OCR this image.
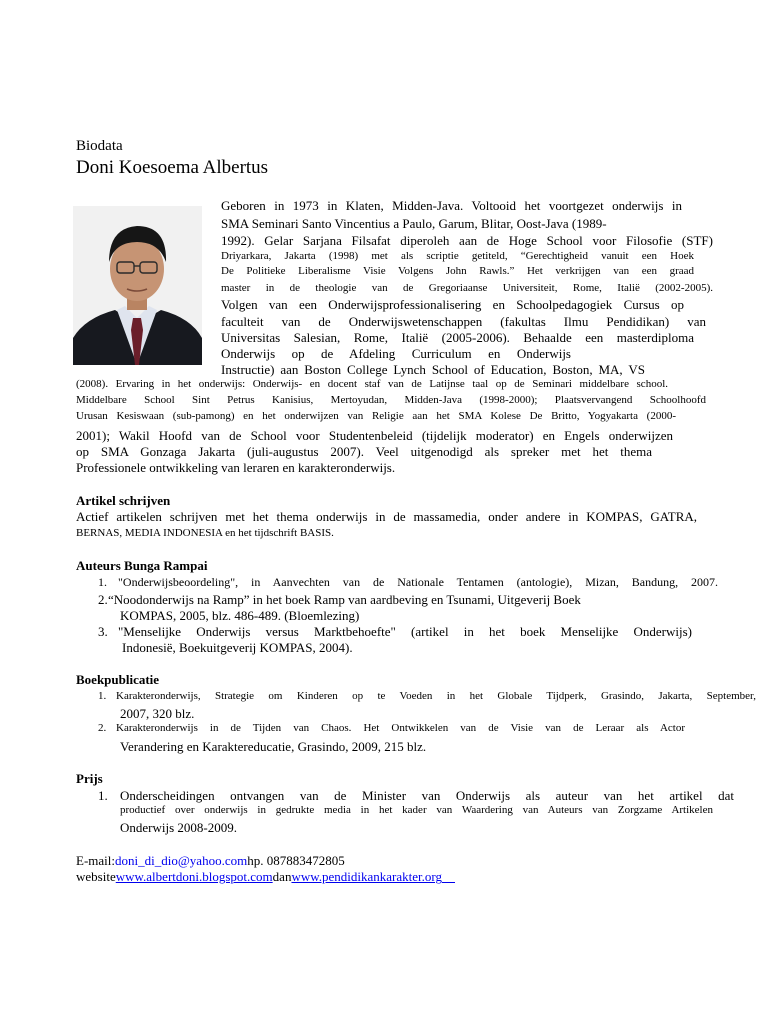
Biodata
Doni Koesoema Albertus
Geboren in 1973 in Klaten, Midden-Java. Voltooid het voortgezet onderwijs in
SMA Seminari Santo Vincentius a Paulo, Garum, Blitar, Oost-Java (1989-
1992). Gelar Sarjana Filsafat diperoleh aan de Hoge School voor Filosofie (STF)
Driyarkara, Jakarta (1998) met als scriptie getiteld, “Gerechtigheid vanuit een Hoek
De Politieke Liberalisme Visie Volgens John Rawls.” Het verkrijgen van een graad
master in de theologie van de Gregoriaanse Universiteit, Rome, Italië (2002-2005).
Volgen van een Onderwijsprofessionalisering en Schoolpedagogiek Cursus op
faculteit van de Onderwijswetenschappen (fakultas Ilmu Pendidikan) van
Universitas Salesian, Rome, Italië (2005-2006). Behaalde een masterdiploma
Onderwijs op de Afdeling Curriculum en Onderwijs
Instructie) aan Boston College Lynch School of Education, Boston, MA, VS
(2008). Ervaring in het onderwijs: Onderwijs- en docent staf van de Latijnse taal op de Seminari middelbare school.
Middelbare School Sint Petrus Kanisius, Mertoyudan, Midden-Java (1998-2000); Plaatsvervangend Schoolhoofd
Urusan Kesiswaan (sub-pamong) en het onderwijzen van Religie aan het SMA Kolese De Britto, Yogyakarta (2000-
2001); Wakil Hoofd van de School voor Studentenbeleid (tijdelijk moderator) en Engels onderwijzen
op SMA Gonzaga Jakarta (juli-augustus 2007). Veel uitgenodigd als spreker met het thema
Professionele ontwikkeling van leraren en karakteronderwijs.
Artikel schrijven
Actief artikelen schrijven met het thema onderwijs in de massamedia, onder andere in KOMPAS, GATRA,
BERNAS, MEDIA INDONESIA en het tijdschrift BASIS.
Auteurs Bunga Rampai
1. "Onderwijsbeoordeling", in Aanvechten van de Nationale Tentamen (antologie), Mizan, Bandung, 2007.
2. “Noodonderwijs na Ramp” in het boek Ramp van aardbeving en Tsunami, Uitgeverij Boek
KOMPAS, 2005, blz. 486-489. (Bloemlezing)
3. "Menselijke Onderwijs versus Marktbehoefte" (artikel in het boek Menselijke Onderwijs)
Indonesië, Boekuitgeverij KOMPAS, 2004).
Boekpublicatie
1. Karakteronderwijs, Strategie om Kinderen op te Voeden in het Globale Tijdperk, Grasindo, Jakarta, September,
2007, 320 blz.
2. Karakteronderwijs in de Tijden van Chaos. Het Ontwikkelen van de Visie van de Leraar als Actor
Verandering en Karaktereducatie, Grasindo, 2009, 215 blz.
Prijs
1. Onderscheidingen ontvangen van de Minister van Onderwijs als auteur van het artikel dat
productief over onderwijs in gedrukte media in het kader van Waardering van Auteurs van Zorgzame Artikelen
Onderwijs 2008-2009.
E-mail:doni_di_dio@yahoo.comhp. 087883472805
websitewww.albertdoni.blogspot.comdanwww.pendidikankarakter.org
